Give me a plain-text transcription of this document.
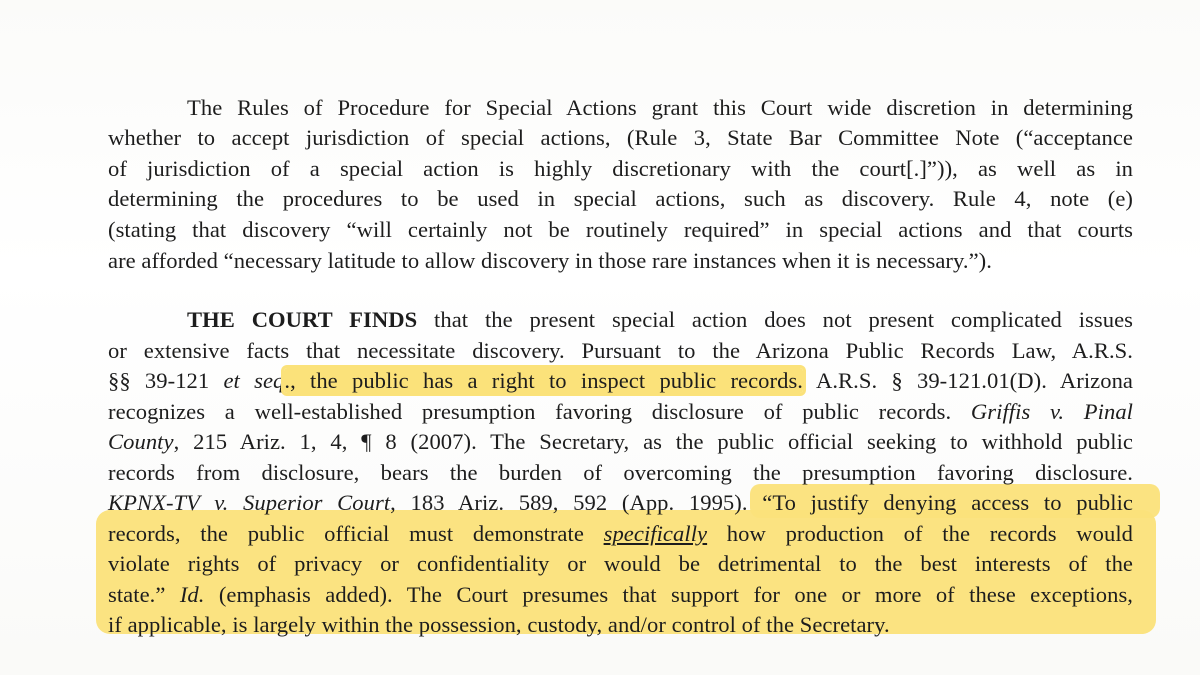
The Rules of Procedure for Special Actions grant this Court wide discretion in determining
whether to accept jurisdiction of special actions, (Rule 3, State Bar Committee Note (“acceptance
of jurisdiction of a special action is highly discretionary with the court[.]”)), as well as in
determining the procedures to be used in special actions, such as discovery. Rule 4, note (e)
(stating that discovery “will certainly not be routinely required” in special actions and that courts
are afforded “necessary latitude to allow discovery in those rare instances when it is necessary.”).
THE COURT FINDS that the present special action does not present complicated issues
or extensive facts that necessitate discovery. Pursuant to the Arizona Public Records Law, A.R.S.
§§ 39-121 et seq., the public has a right to inspect public records. A.R.S. § 39-121.01(D). Arizona
recognizes a well-established presumption favoring disclosure of public records. Griffis v. Pinal
County, 215 Ariz. 1, 4, ¶ 8 (2007). The Secretary, as the public official seeking to withhold public
records from disclosure, bears the burden of overcoming the presumption favoring disclosure.
KPNX-TV v. Superior Court, 183 Ariz. 589, 592 (App. 1995). “To justify denying access to public
records, the public official must demonstrate specifically how production of the records would
violate rights of privacy or confidentiality or would be detrimental to the best interests of the
state.” Id. (emphasis added). The Court presumes that support for one or more of these exceptions,
if applicable, is largely within the possession, custody, and/or control of the Secretary.
